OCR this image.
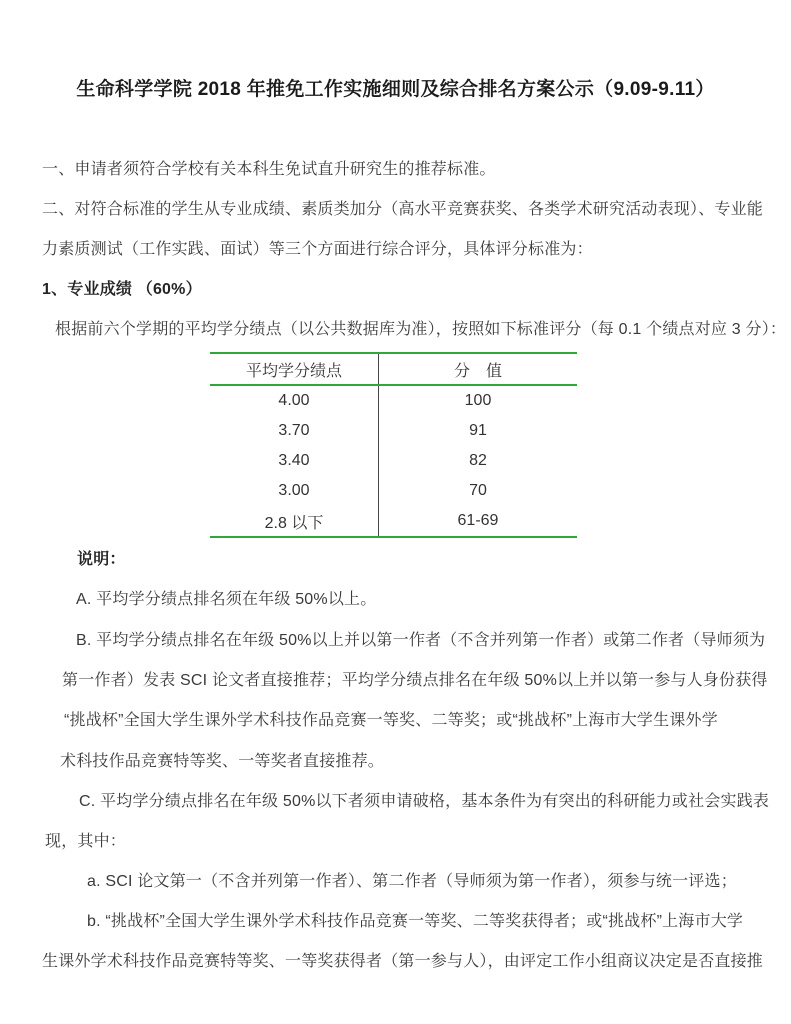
生命科学学院 2018 年推免工作实施细则及综合排名方案公示（9.09-9.11）
一、申请者须符合学校有关本科生免试直升研究生的推荐标准。
二、对符合标准的学生从专业成绩、素质类加分（高水平竞赛获奖、各类学术研究活动表现）、专业能
力素质测试（工作实践、面试）等三个方面进行综合评分，具体评分标准为：
1、专业成绩 （60%）
根据前六个学期的平均学分绩点（以公共数据库为准），按照如下标准评分（每 0.1 个绩点对应 3 分）：
平均学分绩点	分　值
4.00	100
3.70	91
3.40	82
3.00	70
2.8 以下	61-69
说明：
A. 平均学分绩点排名须在年级 50%以上。
B. 平均学分绩点排名在年级 50%以上并以第一作者（不含并列第一作者）或第二作者（导师须为
第一作者）发表 SCI 论文者直接推荐；平均学分绩点排名在年级 50%以上并以第一参与人身份获得
“挑战杯”全国大学生课外学术科技作品竞赛一等奖、二等奖；或“挑战杯”上海市大学生课外学
术科技作品竞赛特等奖、一等奖者直接推荐。
C. 平均学分绩点排名在年级 50%以下者须申请破格，基本条件为有突出的科研能力或社会实践表
现，其中：
a. SCI 论文第一（不含并列第一作者）、第二作者（导师须为第一作者），须参与统一评选；
b. “挑战杯”全国大学生课外学术科技作品竞赛一等奖、二等奖获得者；或“挑战杯”上海市大学
生课外学术科技作品竞赛特等奖、一等奖获得者（第一参与人），由评定工作小组商议决定是否直接推
